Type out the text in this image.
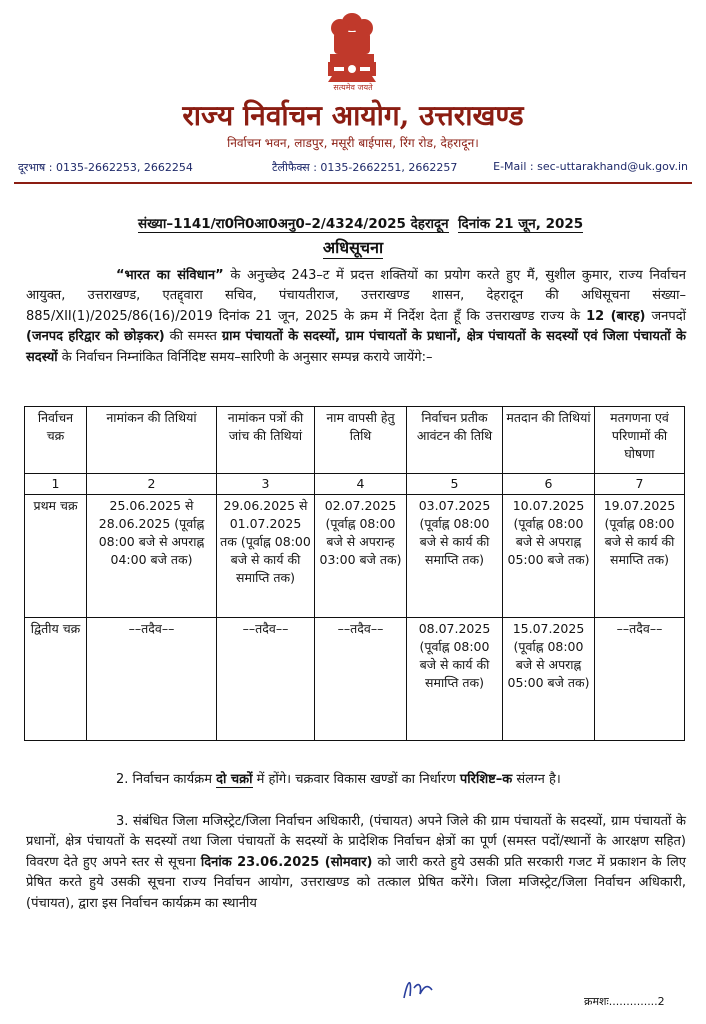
सत्यमेव जयते
राज्य निर्वाचन आयोग, उत्तराखण्ड
निर्वाचन भवन, लाडपुर, मसूरी बाईपास, रिंग रोड, देहरादून।
दूरभाष : 0135-2662253, 2662254	टैलीफैक्स : 0135-2662251, 2662257	E-Mail : sec-uttarakhand@uk.gov.in
संख्या–1141/रा0नि0आ0अनु0–2/4324/2025 देहरादून दिनांक 21 जून, 2025
अधिसूचना
“भारत का संविधान” के अनुच्छेद 243–ट में प्रदत्त शक्तियों का प्रयोग करते हुए मैं, सुशील कुमार, राज्य निर्वाचन आयुक्त, उत्तराखण्ड, एतद्द्वारा सचिव, पंचायतीराज, उत्तराखण्ड शासन, देहरादून की अधिसूचना संख्या–885/XII(1)/2025/86(16)/2019 दिनांक 21 जून, 2025 के क्रम में निर्देश देता हूँ कि उत्तराखण्ड राज्य के 12 (बारह) जनपदों (जनपद हरिद्वार को छोड़कर) की समस्त ग्राम पंचायतों के सदस्यों, ग्राम पंचायतों के प्रधानों, क्षेत्र पंचायतों के सदस्यों एवं जिला पंचायतों के सदस्यों के निर्वाचन निम्नांकित विर्निदिष्ट समय–सारिणी के अनुसार सम्पन्न कराये जायेंगे:–
निर्वाचन चक्र	नामांकन की तिथियां	नामांकन पत्रों की जांच की तिथियां	नाम वापसी हेतु तिथि	निर्वाचन प्रतीक आवंटन की तिथि	मतदान की तिथियां	मतगणना एवं परिणामों की घोषणा
1	2	3	4	5	6	7
प्रथम चक्र	25.06.2025 से 28.06.2025 (पूर्वाह्न 08:00 बजे से अपराह्न 04:00 बजे तक)	29.06.2025 से 01.07.2025 तक (पूर्वाह्न 08:00 बजे से कार्य की समाप्ति तक)	02.07.2025 (पूर्वाह्न 08:00 बजे से अपरान्ह 03:00 बजे तक)	03.07.2025 (पूर्वाह्न 08:00 बजे से कार्य की समाप्ति तक)	10.07.2025 (पूर्वाह्न 08:00 बजे से अपराह्न 05:00 बजे तक)	19.07.2025 (पूर्वाह्न 08:00 बजे से कार्य की समाप्ति तक)
द्वितीय चक्र	––तदैव––	––तदैव––	––तदैव––	08.07.2025 (पूर्वाह्न 08:00 बजे से कार्य की समाप्ति तक)	15.07.2025 (पूर्वाह्न 08:00 बजे से अपराह्न 05:00 बजे तक)	––तदैव––
2. निर्वाचन कार्यक्रम दो चक्रों में होंगे। चक्रवार विकास खण्डों का निर्धारण परिशिष्ट–क संलग्न है।
3. संबंधित जिला मजिस्ट्रेट/जिला निर्वाचन अधिकारी, (पंचायत) अपने जिले की ग्राम पंचायतों के सदस्यों, ग्राम पंचायतों के प्रधानों, क्षेत्र पंचायतों के सदस्यों तथा जिला पंचायतों के सदस्यों के प्रादेशिक निर्वाचन क्षेत्रों का पूर्ण (समस्त पदों/स्थानों के आरक्षण सहित) विवरण देते हुए अपने स्तर से सूचना दिनांक 23.06.2025 (सोमवार) को जारी करते हुये उसकी प्रति सरकारी गजट में प्रकाशन के लिए प्रेषित करते हुये उसकी सूचना राज्य निर्वाचन आयोग, उत्तराखण्ड को तत्काल प्रेषित करेंगे। जिला मजिस्ट्रेट/जिला निर्वाचन अधिकारी, (पंचायत), द्वारा इस निर्वाचन कार्यक्रम का स्थानीय
क्रमशः..............2
